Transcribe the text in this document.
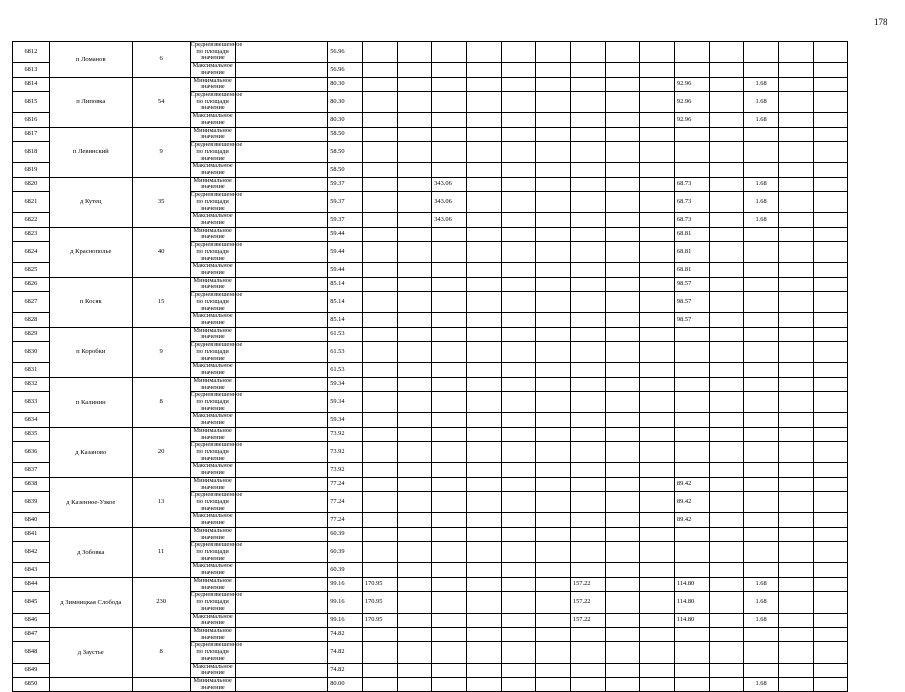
178
6812	п Ломанов	6	Средневзвешенное по площади значение		56.96														
6813			Максимальное значение		56.96														
6814	п Липовка	54	Минимальное значение		80.30										92.96		1.68		
6815			Средневзвешенное по площади значение		80.30										92.96		1.68		
6816			Максимальное значение		80.30										92.96		1.68		
6817	п Левинский	9	Минимальное значение		58.50														
6818			Средневзвешенное по площади значение		58.50														
6819			Максимальное значение		58.50														
6820	д Кутец	35	Минимальное значение		59.37			343.06							68.73		1.68		
6821			Средневзвешенное по площади значение		59.37			343.06							68.73		1.68		
6822			Максимальное значение		59.37			343.06							68.73		1.68		
6823	д Краснополье	40	Минимальное значение		59.44										68.81				
6824			Средневзвешенное по площади значение		59.44										68.81				
6825			Максимальное значение		59.44										68.81				
6826	п Косяк	15	Минимальное значение		85.14										98.57				
6827			Средневзвешенное по площади значение		85.14										98.57				
6828			Максимальное значение		85.14										98.57				
6829	п Коробки	9	Минимальное значение		61.53														
6830			Средневзвешенное по площади значение		61.53														
6831			Максимальное значение		61.53														
6832	п Калинин	8	Минимальное значение		59.34														
6833			Средневзвешенное по площади значение		59.34														
6834			Максимальное значение		59.34														
6835	д Казаново	20	Минимальное значение		73.92														
6836			Средневзвешенное по площади значение		73.92														
6837			Максимальное значение		73.92														
6838	д Казенное-Узкое	13	Минимальное значение		77.24										89.42				
6839			Средневзвешенное по площади значение		77.24										89.42				
6840			Максимальное значение		77.24										89.42				
6841	д Зобовка	11	Минимальное значение		60.39														
6842			Средневзвешенное по площади значение		60.39														
6843			Максимальное значение		60.39														
6844	д Зимницкая Слобода	230	Минимальное значение		99.16	170.95						157.22			114.80		1.68		
6845			Средневзвешенное по площади значение		99.16	170.95						157.22			114.80		1.68		
6846			Максимальное значение		99.16	170.95						157.22			114.80		1.68		
6847	д Заустье	8	Минимальное значение		74.82														
6848			Средневзвешенное по площади значение		74.82														
6849			Максимальное значение		74.82														
6850			Минимальное значение		80.00												1.68		
